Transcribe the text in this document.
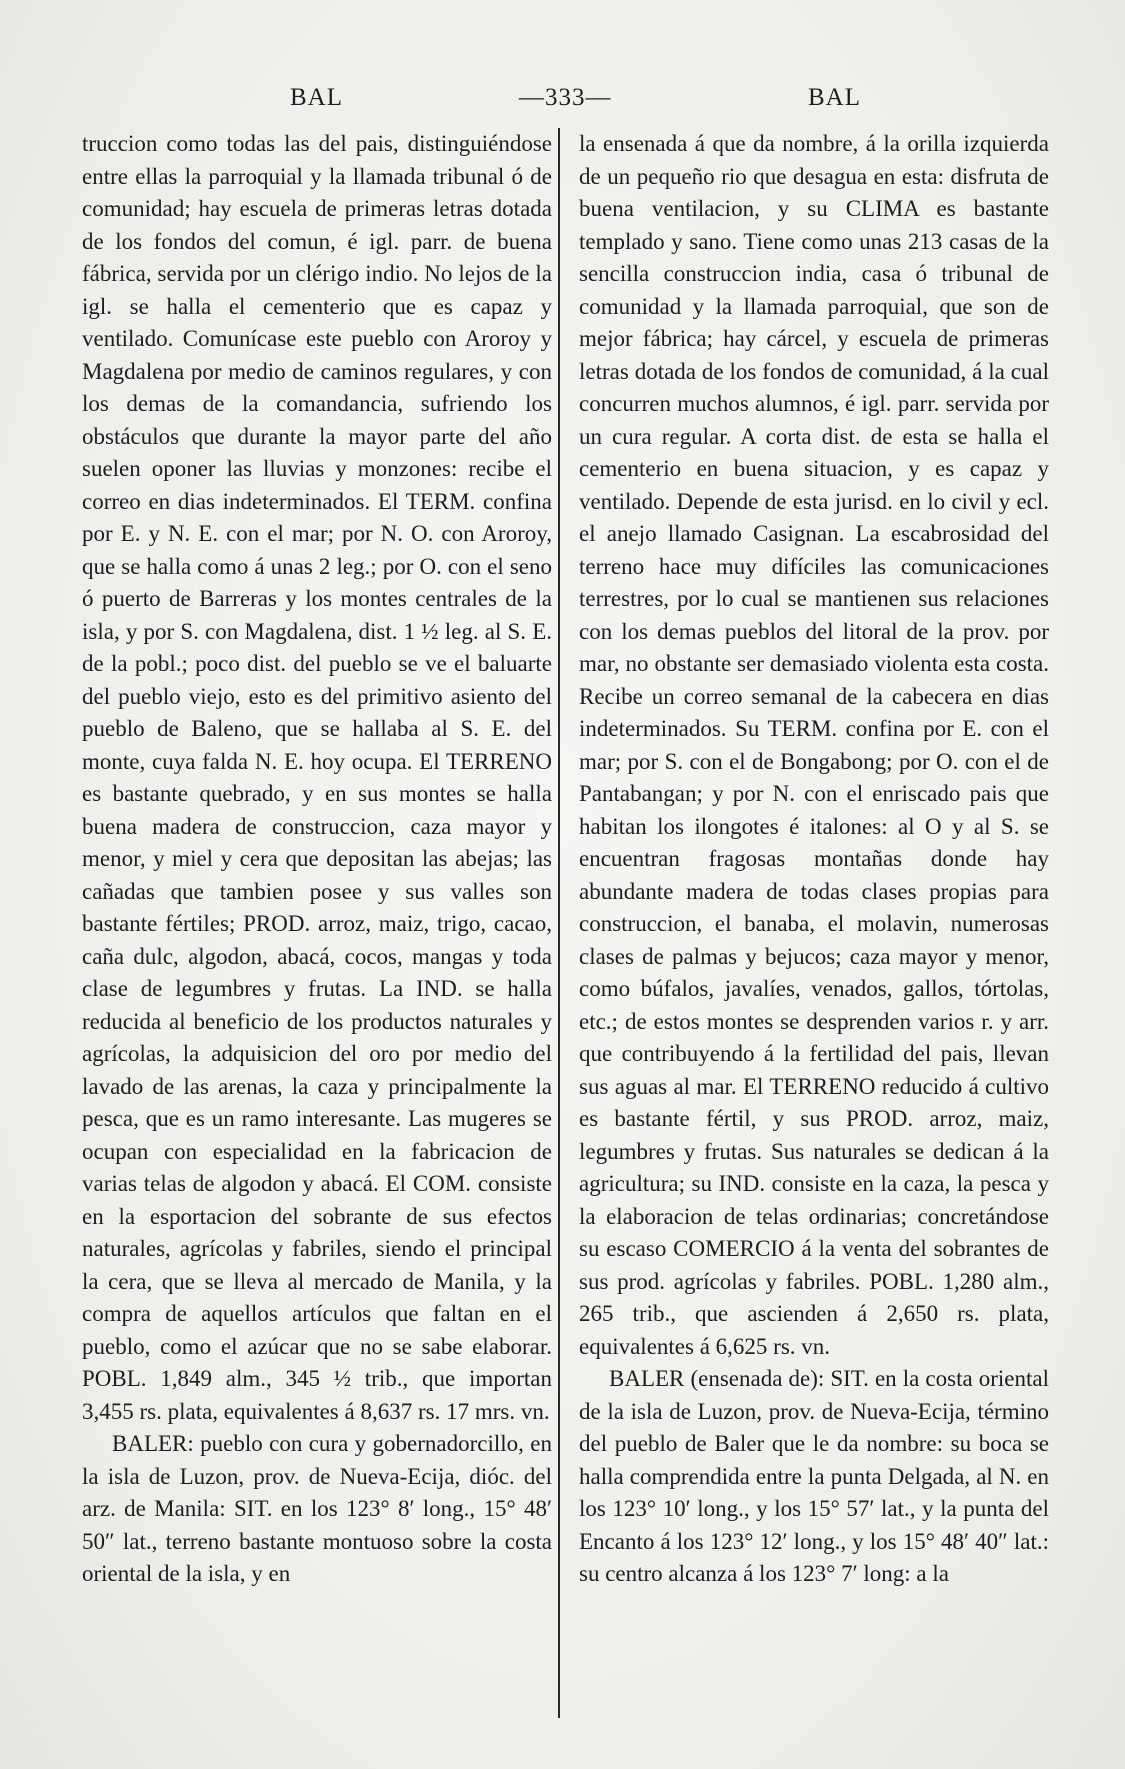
BAL	—333—	BAL

truccion como todas las del pais, distinguiéndose entre ellas la parroquial y la llamada tribunal ó de comunidad; hay escuela de primeras letras dotada de los fondos del comun, é igl. parr. de buena fábrica, servida por un clérigo indio. No lejos de la igl. se halla el cementerio que es capaz y ventilado. Comunícase este pueblo con Aroroy y Magdalena por medio de caminos regulares, y con los demas de la comandancia, sufriendo los obstáculos que durante la mayor parte del año suelen oponer las lluvias y monzones: recibe el correo en dias indeterminados. El TERM. confina por E. y N. E. con el mar; por N. O. con Aroroy, que se halla como á unas 2 leg.; por O. con el seno ó puerto de Barreras y los montes centrales de la isla, y por S. con Magdalena, dist. 1 ½ leg. al S. E. de la pobl.; poco dist. del pueblo se ve el baluarte del pueblo viejo, esto es del primitivo asiento del pueblo de Baleno, que se hallaba al S. E. del monte, cuya falda N. E. hoy ocupa. El TERRENO es bastante quebrado, y en sus montes se halla buena madera de construccion, caza mayor y menor, y miel y cera que depositan las abejas; las cañadas que tambien posee y sus valles son bastante fértiles; PROD. arroz, maiz, trigo, cacao, caña dulc, algodon, abacá, cocos, mangas y toda clase de legumbres y frutas. La IND. se halla reducida al beneficio de los productos naturales y agrícolas, la adquisicion del oro por medio del lavado de las arenas, la caza y principalmente la pesca, que es un ramo interesante. Las mugeres se ocupan con especialidad en la fabricacion de varias telas de algodon y abacá. El COM. consiste en la esportacion del sobrante de sus efectos naturales, agrícolas y fabriles, siendo el principal la cera, que se lleva al mercado de Manila, y la compra de aquellos artículos que faltan en el pueblo, como el azúcar que no se sabe elaborar. POBL. 1,849 alm., 345 ½ trib., que importan 3,455 rs. plata, equivalentes á 8,637 rs. 17 mrs. vn.

BALER: pueblo con cura y gobernadorcillo, en la isla de Luzon, prov. de Nueva-Ecija, dióc. del arz. de Manila: SIT. en los 123° 8′ long., 15° 48′ 50″ lat., terreno bastante montuoso sobre la costa oriental de la isla, y en

la ensenada á que da nombre, á la orilla izquierda de un pequeño rio que desagua en esta: disfruta de buena ventilacion, y su CLIMA es bastante templado y sano. Tiene como unas 213 casas de la sencilla construccion india, casa ó tribunal de comunidad y la llamada parroquial, que son de mejor fábrica; hay cárcel, y escuela de primeras letras dotada de los fondos de comunidad, á la cual concurren muchos alumnos, é igl. parr. servida por un cura regular. A corta dist. de esta se halla el cementerio en buena situacion, y es capaz y ventilado. Depende de esta jurisd. en lo civil y ecl. el anejo llamado Casignan. La escabrosidad del terreno hace muy difíciles las comunicaciones terrestres, por lo cual se mantienen sus relaciones con los demas pueblos del litoral de la prov. por mar, no obstante ser demasiado violenta esta costa. Recibe un correo semanal de la cabecera en dias indeterminados. Su TERM. confina por E. con el mar; por S. con el de Bongabong; por O. con el de Pantabangan; y por N. con el enriscado pais que habitan los ilongotes é italones: al O y al S. se encuentran fragosas montañas donde hay abundante madera de todas clases propias para construccion, el banaba, el molavin, numerosas clases de palmas y bejucos; caza mayor y menor, como búfalos, javalíes, venados, gallos, tórtolas, etc.; de estos montes se desprenden varios r. y arr. que contribuyendo á la fertilidad del pais, llevan sus aguas al mar. El TERRENO reducido á cultivo es bastante fértil, y sus PROD. arroz, maiz, legumbres y frutas. Sus naturales se dedican á la agricultura; su IND. consiste en la caza, la pesca y la elaboracion de telas ordinarias; concretándose su escaso COMERCIO á la venta del sobrantes de sus prod. agrícolas y fabriles. POBL. 1,280 alm., 265 trib., que ascienden á 2,650 rs. plata, equivalentes á 6,625 rs. vn.

BALER (ensenada de): SIT. en la costa oriental de la isla de Luzon, prov. de Nueva-Ecija, término del pueblo de Baler que le da nombre: su boca se halla comprendida entre la punta Delgada, al N. en los 123° 10′ long., y los 15° 57′ lat., y la punta del Encanto á los 123° 12′ long., y los 15° 48′ 40″ lat.: su centro alcanza á los 123° 7′ long: a la
